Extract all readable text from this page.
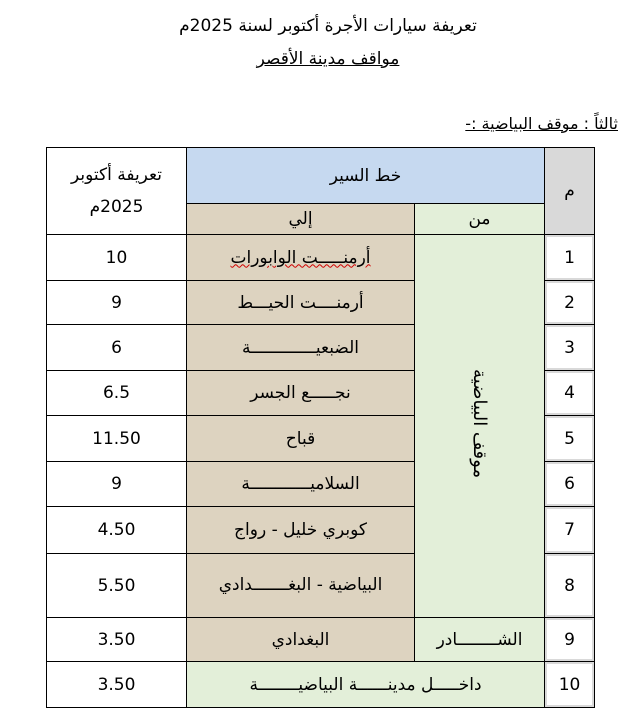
تعريفة سيارات الأجرة أكتوبر لسنة 2025م
مواقف مدينة الأقصر
ثالثاً : موقف البياضية :-
م	خط السير		تعريفة أكتوبر 2025م
	من	إلي	
1	موقف البياضية	أرمنـــــت الوابورات	10
2		أرمنــــت الحيـــط	9
3		الضبعيـــــــــــــة	6
4		نجـــــع الجسر	6.5
5		قباح	11.50
6		السلاميــــــــــــة	9
7		كوبري خليل - رواج	4.50
8		البياضية - البغـــــــدادي	5.50
9	الشــــــــادر	البغدادي	3.50
10	داخـــــل مدينــــــة البياضيــــــــة		3.50
